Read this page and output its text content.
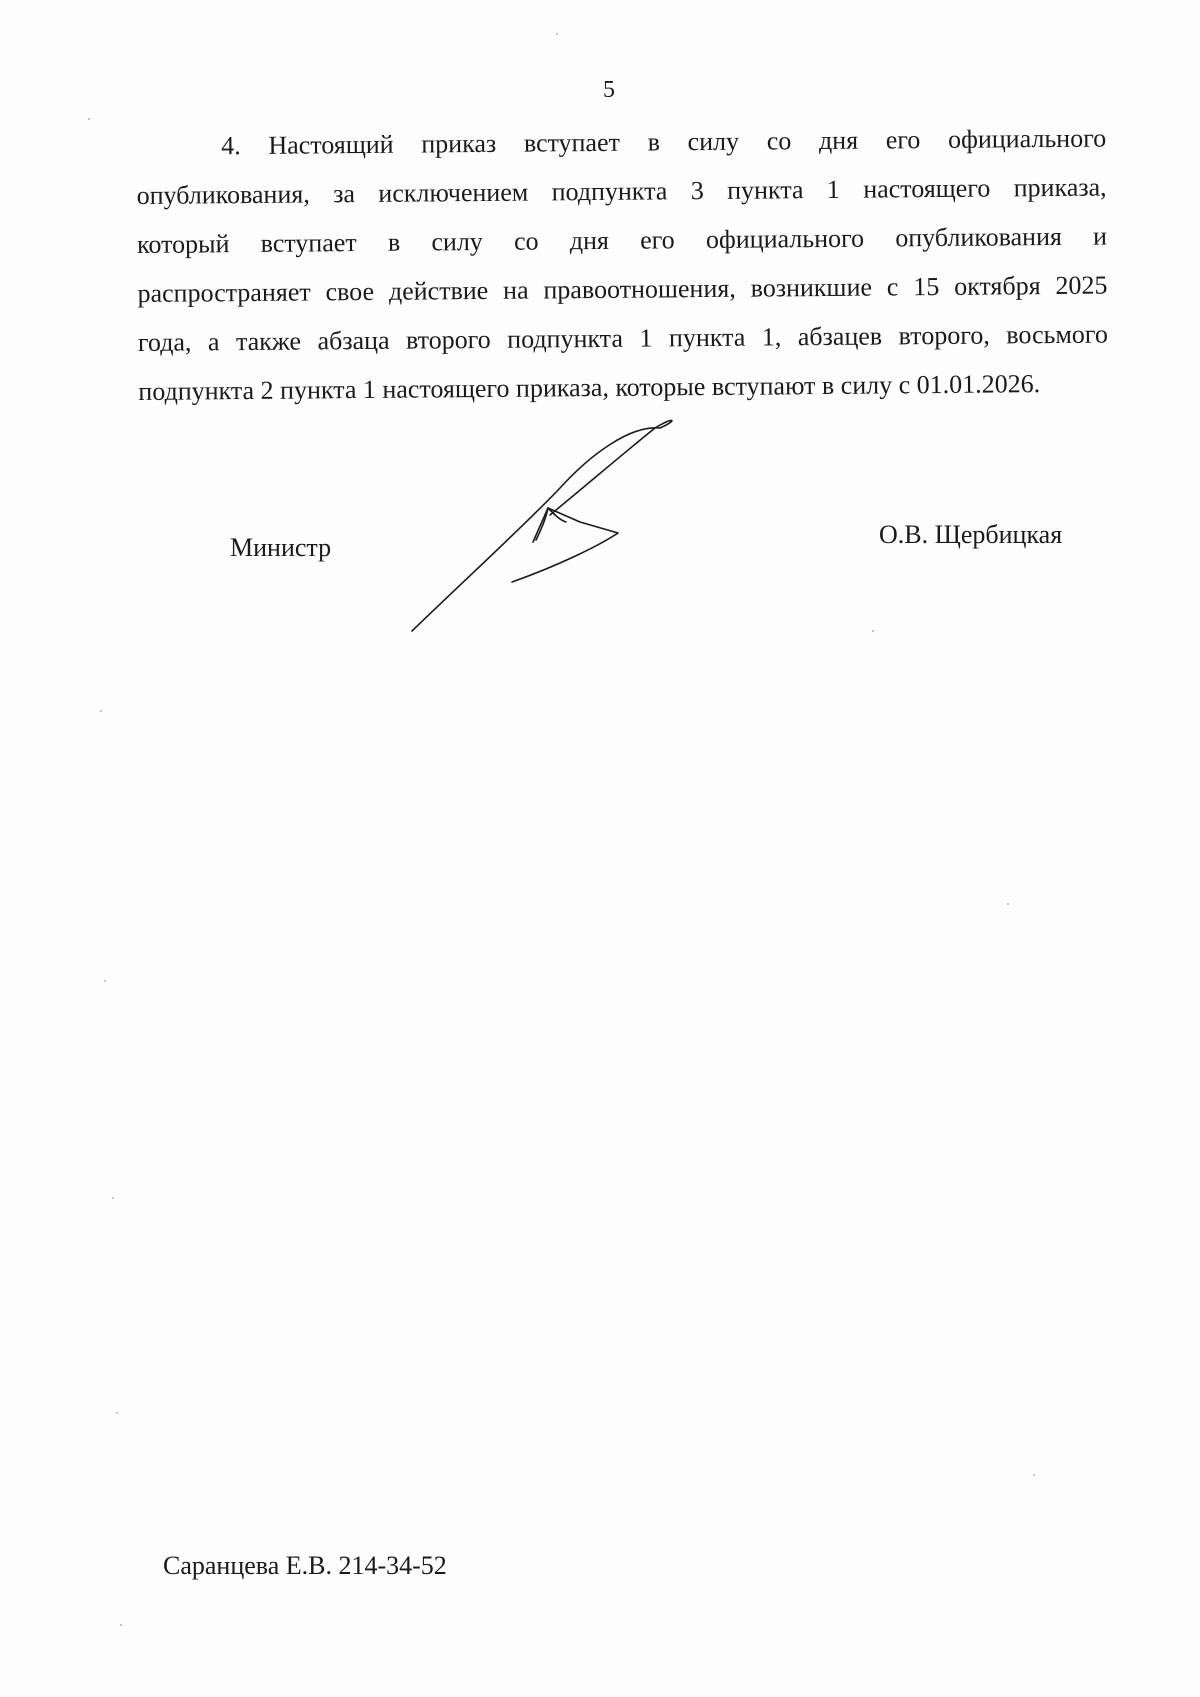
5
4. Настоящий приказ вступает в силу со дня его официального
опубликования, за исключением подпункта 3 пункта 1 настоящего приказа,
который вступает в силу со дня его официального опубликования и
распространяет свое действие на правоотношения, возникшие с 15 октября 2025
года, а также абзаца второго подпункта 1 пункта 1, абзацев второго, восьмого
подпункта 2 пункта 1 настоящего приказа, которые вступают в силу с 01.01.2026.
Министр	О.В. Щербицкая
Саранцева Е.В. 214-34-52
